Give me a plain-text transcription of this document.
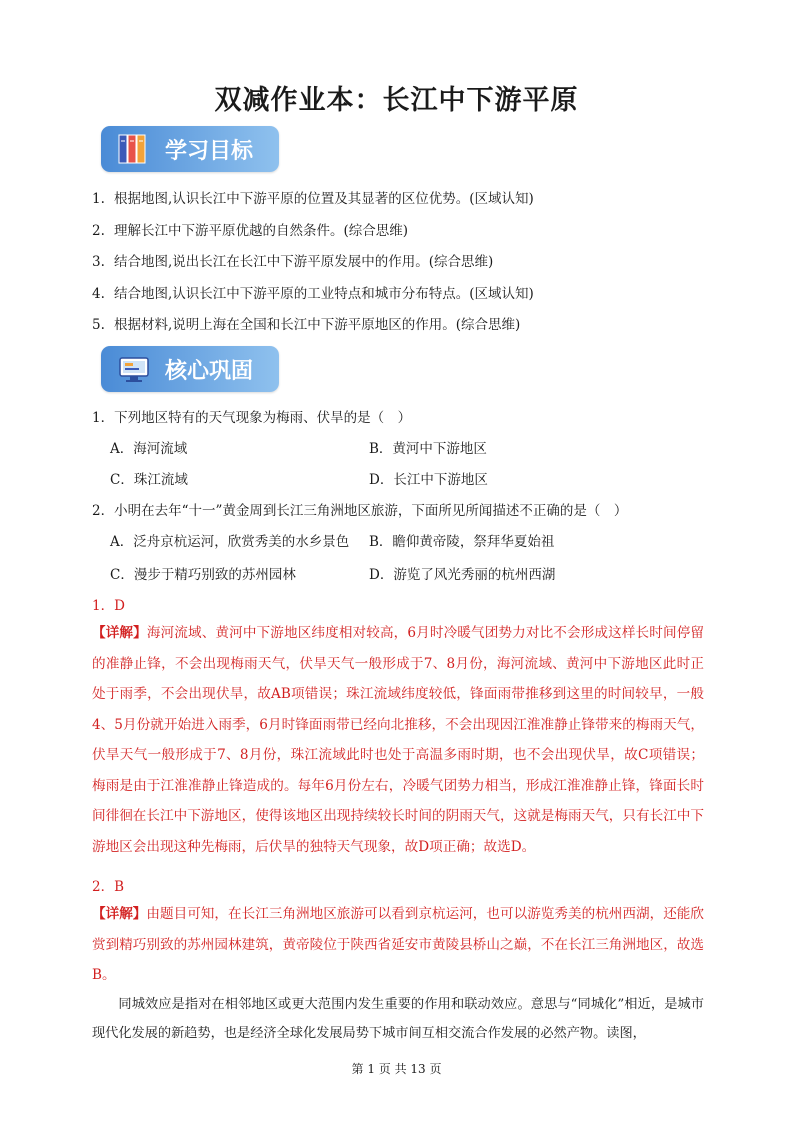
双减作业本：长江中下游平原
学习目标
1. 根据地图,认识长江中下游平原的位置及其显著的区位优势。(区域认知)
2. 理解长江中下游平原优越的自然条件。(综合思维)
3. 结合地图,说出长江在长江中下游平原发展中的作用。(综合思维)
4. 结合地图,认识长江中下游平原的工业特点和城市分布特点。(区域认知)
5. 根据材料,说明上海在全国和长江中下游平原地区的作用。(综合思维)
核心巩固
1．下列地区特有的天气现象为梅雨、伏旱的是（　）
A．海河流域	B．黄河中下游地区
C．珠江流域	D．长江中下游地区
2．小明在去年“十一”黄金周到长江三角洲地区旅游，下面所见所闻描述不正确的是（　）
A．泛舟京杭运河，欣赏秀美的水乡景色 B．瞻仰黄帝陵，祭拜华夏始祖
C．漫步于精巧别致的苏州园林	D．游览了风光秀丽的杭州西湖
1．D
【详解】海河流域、黄河中下游地区纬度相对较高，6月时冷暖气团势力对比不会形成这样长时间停留的准静止锋，不会出现梅雨天气，伏旱天气一般形成于7、8月份，海河流域、黄河中下游地区此时正处于雨季，不会出现伏旱，故AB项错误；珠江流域纬度较低，锋面雨带推移到这里的时间较早，一般4、5月份就开始进入雨季，6月时锋面雨带已经向北推移，不会出现因江淮准静止锋带来的梅雨天气，伏旱天气一般形成于7、8月份，珠江流域此时也处于高温多雨时期，也不会出现伏旱，故C项错误；梅雨是由于江淮准静止锋造成的。每年6月份左右，冷暖气团势力相当，形成江淮准静止锋，锋面长时间徘徊在长江中下游地区，使得该地区出现持续较长时间的阴雨天气，这就是梅雨天气，只有长江中下游地区会出现这种先梅雨，后伏旱的独特天气现象，故D项正确；故选D。
2．B
【详解】由题目可知，在长江三角洲地区旅游可以看到京杭运河，也可以游览秀美的杭州西湖，还能欣赏到精巧别致的苏州园林建筑，黄帝陵位于陕西省延安市黄陵县桥山之巅，不在长江三角洲地区，故选B。
同城效应是指对在相邻地区或更大范围内发生重要的作用和联动效应。意思与“同城化”相近，是城市现代化发展的新趋势，也是经济全球化发展局势下城市间互相交流合作发展的必然产物。读图，
第 1 页 共 13 页
